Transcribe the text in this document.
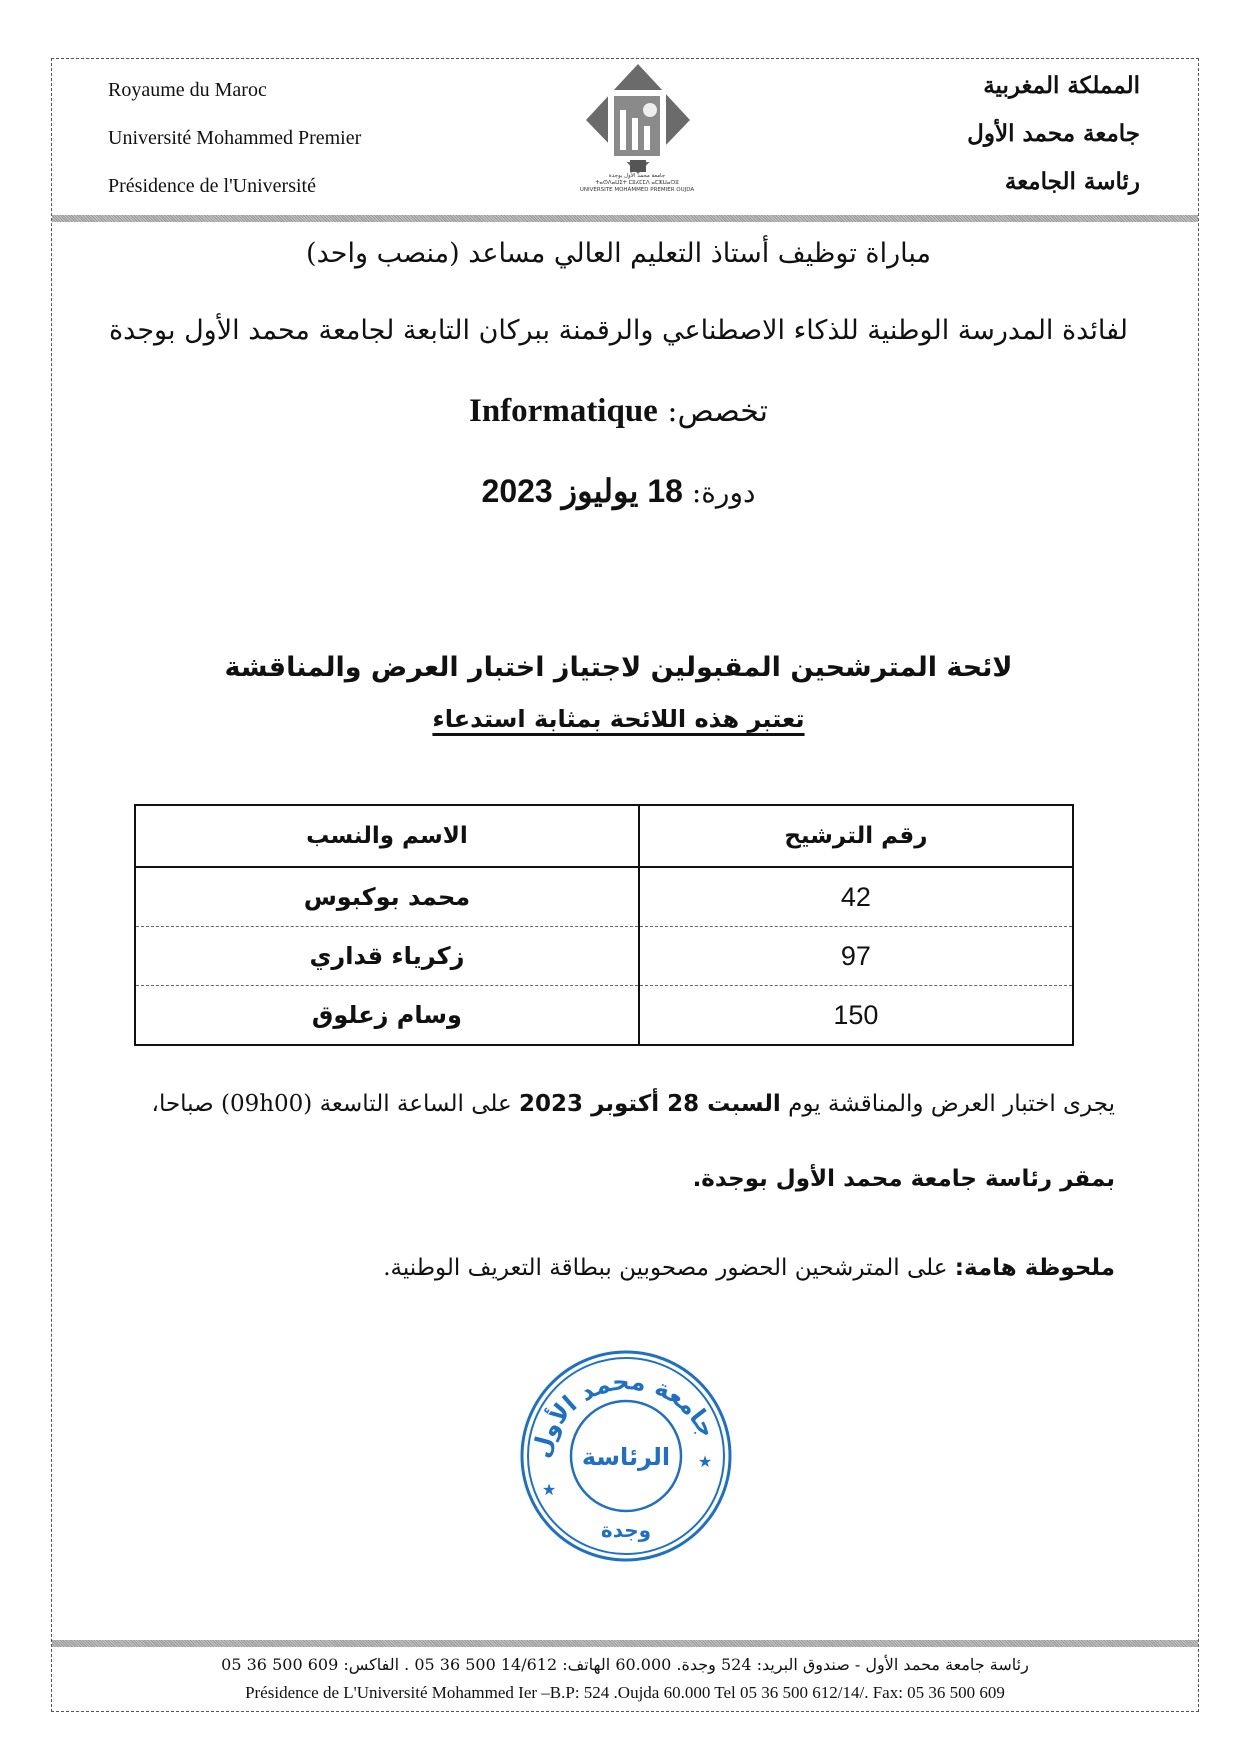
Royaume du Maroc
Université Mohammed Premier
Présidence de l'Université	جامعة محمد الأول بوجدة
ⵜⴰⵙⴷⴰⵡⵉⵜ ⵎⵓⵃⵎⵎⴷ ⴰⵎⵣⵡⴰⵔⵓ
UNIVERSITE MOHAMMED PREMIER OUJDA
المملكة المغربية
جامعة محمد الأول
رئاسة الجامعة
مباراة توظيف أستاذ التعليم العالي مساعد (منصب واحد)
لفائدة المدرسة الوطنية للذكاء الاصطناعي والرقمنة ببركان التابعة لجامعة محمد الأول بوجدة
تخصص: Informatique
دورة: 18 يوليوز 2023
لائحة المترشحين المقبولين لاجتياز اختبار العرض والمناقشة
تعتبر هذه اللائحة بمثابة استدعاء
رقم الترشيح	الاسم والنسب
42	محمد بوكبوس
97	زكرياء قداري
150	وسام زعلوق
يجرى اختبار العرض والمناقشة يوم السبت 28 أكتوبر 2023 على الساعة التاسعة (09h00) صباحا،
بمقر رئاسة جامعة محمد الأول بوجدة.
ملحوظة هامة: على المترشحين الحضور مصحوبين ببطاقة التعريف الوطنية.
جامعة محمد الأول
الرئاسة
وجدة
★
★
رئاسة جامعة محمد الأول - صندوق البريد: 524 وجدة. 60.000 الهاتف: 14/612 500 36 05 . الفاكس: 609 500 36 05
Présidence de L'Université Mohammed Ier –B.P: 524 .Oujda 60.000 Tel 05 36 500 612/14/. Fax: 05 36 500 609
